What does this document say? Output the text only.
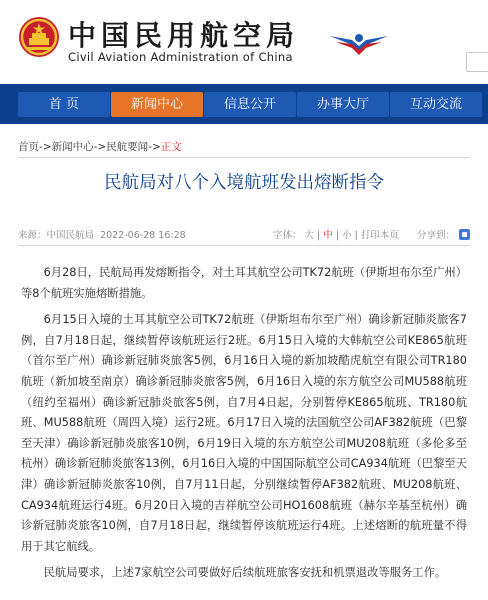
中国民用航空局
Civil Aviation Administration of China
首 页	新闻中心	信息公开	办事大厅	互动交流
首页->新闻中心->民航要闻->正文
民航局对八个入境航班发出熔断指令
来源：中国民航局 2022-06-28 16:28	字体： 大 | 中 | 小 | 打印本页 分享到：

6月28日，民航局再发熔断指令，对土耳其航空公司TK72航班（伊斯坦布尔至广州）等8个航班实施熔断措施。

6月15日入境的土耳其航空公司TK72航班（伊斯坦布尔至广州）确诊新冠肺炎旅客7例，自7月18日起，继续暂停该航班运行2班。6月15日入境的大韩航空公司KE865航班（首尔至广州）确诊新冠肺炎旅客5例，6月16日入境的新加坡酷虎航空有限公司TR180航班（新加坡至南京）确诊新冠肺炎旅客5例，6月16日入境的东方航空公司MU588航班（纽约至福州）确诊新冠肺炎旅客5例，自7月4日起，分别暂停KE865航班、TR180航班、MU588航班（周四入境）运行2班。6月17日入境的法国航空公司AF382航班（巴黎至天津）确诊新冠肺炎旅客10例，6月19日入境的东方航空公司MU208航班（多伦多至杭州）确诊新冠肺炎旅客13例，6月16日入境的中国国际航空公司CA934航班（巴黎至天津）确诊新冠肺炎旅客10例，自7月11日起，分别继续暂停AF382航班、MU208航班、CA934航班运行4班。6月20日入境的吉祥航空公司HO1608航班（赫尔辛基至杭州）确诊新冠肺炎旅客10例，自7月18日起，继续暂停该航班运行4班。上述熔断的航班量不得用于其它航线。

民航局要求，上述7家航空公司要做好后续航班旅客安抚和机票退改等服务工作。
